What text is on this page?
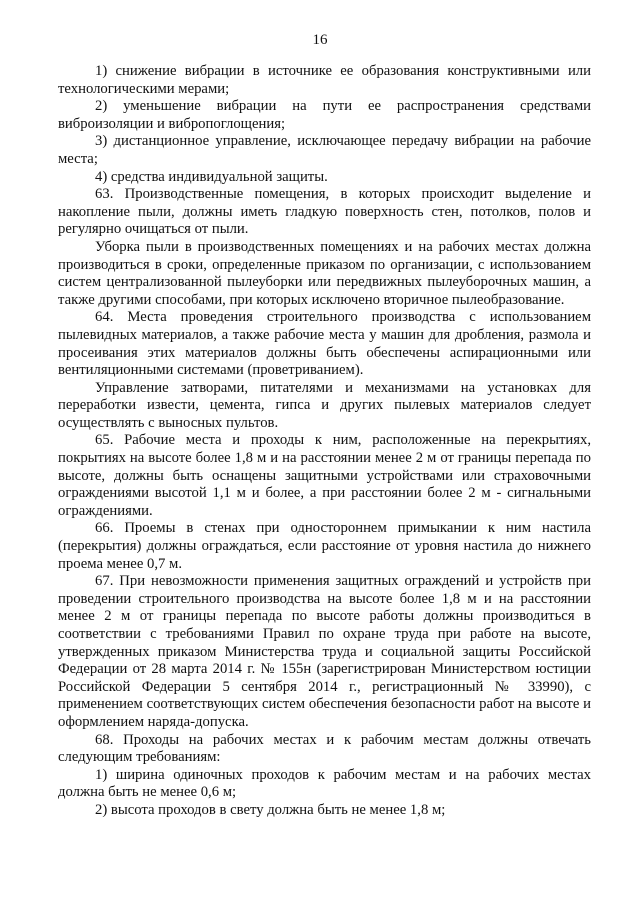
16

1) снижение вибрации в источнике ее образования конструктивными или технологическими мерами;

2) уменьшение вибрации на пути ее распространения средствами виброизоляции и вибропоглощения;

3) дистанционное управление, исключающее передачу вибрации на рабочие места;

4) средства индивидуальной защиты.

63. Производственные помещения, в которых происходит выделение и накопление пыли, должны иметь гладкую поверхность стен, потолков, полов и регулярно очищаться от пыли.

Уборка пыли в производственных помещениях и на рабочих местах должна производиться в сроки, определенные приказом по организации, с использованием систем централизованной пылеуборки или передвижных пылеуборочных машин, а также другими способами, при которых исключено вторичное пылеобразование.

64. Места проведения строительного производства с использованием пылевидных материалов, а также рабочие места у машин для дробления, размола и просеивания этих материалов должны быть обеспечены аспирационными или вентиляционными системами (проветриванием).

Управление затворами, питателями и механизмами на установках для переработки извести, цемента, гипса и других пылевых материалов следует осуществлять с выносных пультов.

65. Рабочие места и проходы к ним, расположенные на перекрытиях, покрытиях на высоте более 1,8 м и на расстоянии менее 2 м от границы перепада по высоте, должны быть оснащены защитными устройствами или страховочными ограждениями высотой 1,1 м и более, а при расстоянии более 2 м - сигнальными ограждениями.

66. Проемы в стенах при одностороннем примыкании к ним настила (перекрытия) должны ограждаться, если расстояние от уровня настила до нижнего проема менее 0,7 м.

67. При невозможности применения защитных ограждений и устройств при проведении строительного производства на высоте более 1,8 м и на расстоянии менее 2 м от границы перепада по высоте работы должны производиться в соответствии с требованиями Правил по охране труда при работе на высоте, утвержденных приказом Министерства труда и социальной защиты Российской Федерации от 28 марта 2014 г. № 155н (зарегистрирован Министерством юстиции Российской Федерации 5 сентября 2014 г., регистрационный № 33990), с применением соответствующих систем обеспечения безопасности работ на высоте и оформлением наряда-допуска.

68. Проходы на рабочих местах и к рабочим местам должны отвечать следующим требованиям:

1) ширина одиночных проходов к рабочим местам и на рабочих местах должна быть не менее 0,6 м;

2) высота проходов в свету должна быть не менее 1,8 м;
